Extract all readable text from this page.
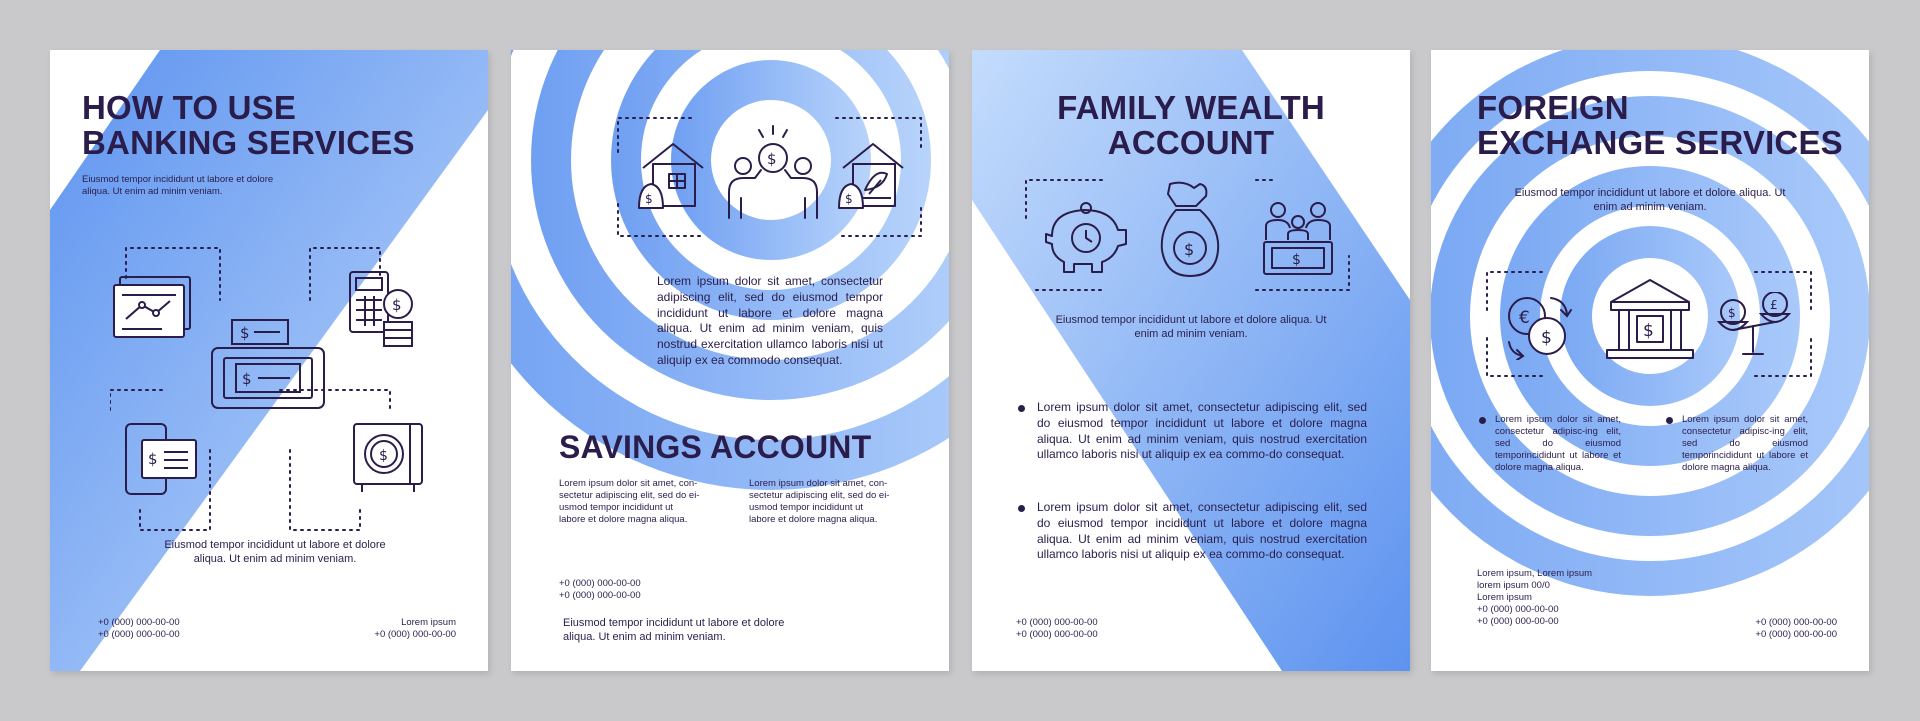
HOW TO USE
BANKING SERVICES
Eiusmod tempor incididunt ut labore et dolore
aliqua. Ut enim ad minim veniam.
$
$
$
$	$
Eiusmod tempor incididunt ut labore et dolore
aliqua. Ut enim ad minim veniam.
+0 (000) 000-00-00
+0 (000) 000-00-00
Lorem ipsum
+0 (000) 000-00-00
$
$
$
Lorem ipsum dolor sit amet, consectetur adipiscing elit, sed do eiusmod tempor incididunt ut labore et dolore magna aliqua. Ut enim ad minim veniam, quis nostrud exercitation ullamco laboris nisi ut aliquip ex ea commodo consequat.
SAVINGS ACCOUNT
Lorem ipsum dolor sit amet, con-
sectetur adipiscing elit, sed do ei-
usmod tempor incididunt ut
labore et dolore magna aliqua.
Lorem ipsum dolor sit amet, con-
sectetur adipiscing elit, sed do ei-
usmod tempor incididunt ut
labore et dolore magna aliqua.
+0 (000) 000-00-00
+0 (000) 000-00-00
Eiusmod tempor incididunt ut labore et dolore
aliqua. Ut enim ad minim veniam.
FAMILY WEALTH
ACCOUNT
$
$
Eiusmod tempor incididunt ut labore et dolore aliqua. Ut
enim ad minim veniam.
Lorem ipsum dolor sit amet, consectetur adipiscing elit, sed do eiusmod tempor incididunt ut labore et dolore magna aliqua. Ut enim ad minim veniam, quis nostrud exercitation ullamco laboris nisi ut aliquip ex ea commo-do consequat.
Lorem ipsum dolor sit amet, consectetur adipiscing elit, sed do eiusmod tempor incididunt ut labore et dolore magna aliqua. Ut enim ad minim veniam, quis nostrud exercitation ullamco laboris nisi ut aliquip ex ea commo-do consequat.
+0 (000) 000-00-00
+0 (000) 000-00-00
FOREIGN
EXCHANGE SERVICES
Eiusmod tempor incididunt ut labore et dolore aliqua. Ut
enim ad minim veniam.
€
$	$
$
£
Lorem ipsum dolor sit amet, consectetur adipisc-ing elit, sed do eiusmod temporincididunt ut labore et dolore magna aliqua.
Lorem ipsum dolor sit amet, consectetur adipisc-ing elit, sed do eiusmod temporincididunt ut labore et dolore magna aliqua.
Lorem ipsum, Lorem ipsum
lorem ipsum 00/0
Lorem ipsum
+0 (000) 000-00-00
+0 (000) 000-00-00	+0 (000) 000-00-00
+0 (000) 000-00-00
